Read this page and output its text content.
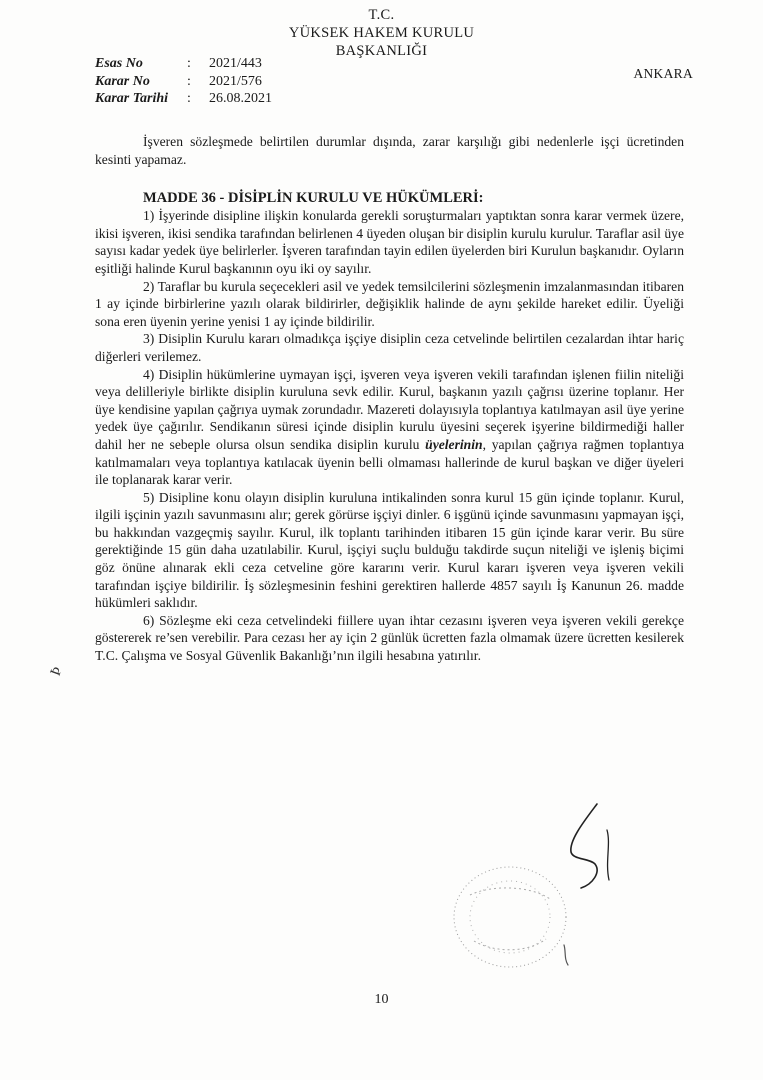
T.C.
YÜKSEK HAKEM KURULU
BAŞKANLIĞI
Esas No	:	2021/443
Karar No	:	2021/576
Karar Tarihi	:	26.08.2021
ANKARA

İşveren sözleşmede belirtilen durumlar dışında, zarar karşılığı gibi nedenlerle işçi ücretinden kesinti yapamaz.

MADDE 36 - DİSİPLİN KURULU VE HÜKÜMLERİ:

1) İşyerinde disipline ilişkin konularda gerekli soruşturmaları yaptıktan sonra karar vermek üzere, ikisi işveren, ikisi sendika tarafından belirlenen 4 üyeden oluşan bir disiplin kurulu kurulur. Taraflar asil üye sayısı kadar yedek üye belirlerler. İşveren tarafından tayin edilen üyelerden biri Kurulun başkanıdır. Oyların eşitliği halinde Kurul başkanının oyu iki oy sayılır.

2) Taraflar bu kurula seçecekleri asil ve yedek temsilcilerini sözleşmenin imzalanmasından itibaren 1 ay içinde birbirlerine yazılı olarak bildirirler, değişiklik halinde de aynı şekilde hareket edilir. Üyeliği sona eren üyenin yerine yenisi 1 ay içinde bildirilir.

3) Disiplin Kurulu kararı olmadıkça işçiye disiplin ceza cetvelinde belirtilen cezalardan ihtar hariç diğerleri verilemez.

4) Disiplin hükümlerine uymayan işçi, işveren veya işveren vekili tarafından işlenen fiilin niteliği veya delilleriyle birlikte disiplin kuruluna sevk edilir. Kurul, başkanın yazılı çağrısı üzerine toplanır. Her üye kendisine yapılan çağrıya uymak zorundadır. Mazereti dolayısıyla toplantıya katılmayan asil üye yerine yedek üye çağırılır. Sendikanın süresi içinde disiplin kurulu üyesini seçerek işyerine bildirmediği haller dahil her ne sebeple olursa olsun sendika disiplin kurulu üyelerinin, yapılan çağrıya rağmen toplantıya katılmamaları veya toplantıya katılacak üyenin belli olmaması hallerinde de kurul başkan ve diğer üyeleri ile toplanarak karar verir.

5) Disipline konu olayın disiplin kuruluna intikalinden sonra kurul 15 gün içinde toplanır. Kurul, ilgili işçinin yazılı savunmasını alır; gerek görürse işçiyi dinler. 6 işgünü içinde savunmasını yapmayan işçi, bu hakkından vazgeçmiş sayılır. Kurul, ilk toplantı tarihinden itibaren 15 gün içinde karar verir. Bu süre gerektiğinde 15 gün daha uzatılabilir. Kurul, işçiyi suçlu bulduğu takdirde suçun niteliği ve işleniş biçimi göz önüne alınarak ekli ceza cetveline göre kararını verir. Kurul kararı işveren veya işveren vekili tarafından işçiye bildirilir. İş sözleşmesinin feshini gerektiren hallerde 4857 sayılı İş Kanunun 26. madde hükümleri saklıdır.

6) Sözleşme eki ceza cetvelindeki fiillere uyan ihtar cezasını işveren veya işveren vekili gerekçe göstererek re’sen verebilir. Para cezası her ay için 2 günlük ücretten fazla olmamak üzere ücretten kesilerek T.C. Çalışma ve Sosyal Güvenlik Bakanlığı’nın ilgili hesabına yatırılır.

Þ
10
